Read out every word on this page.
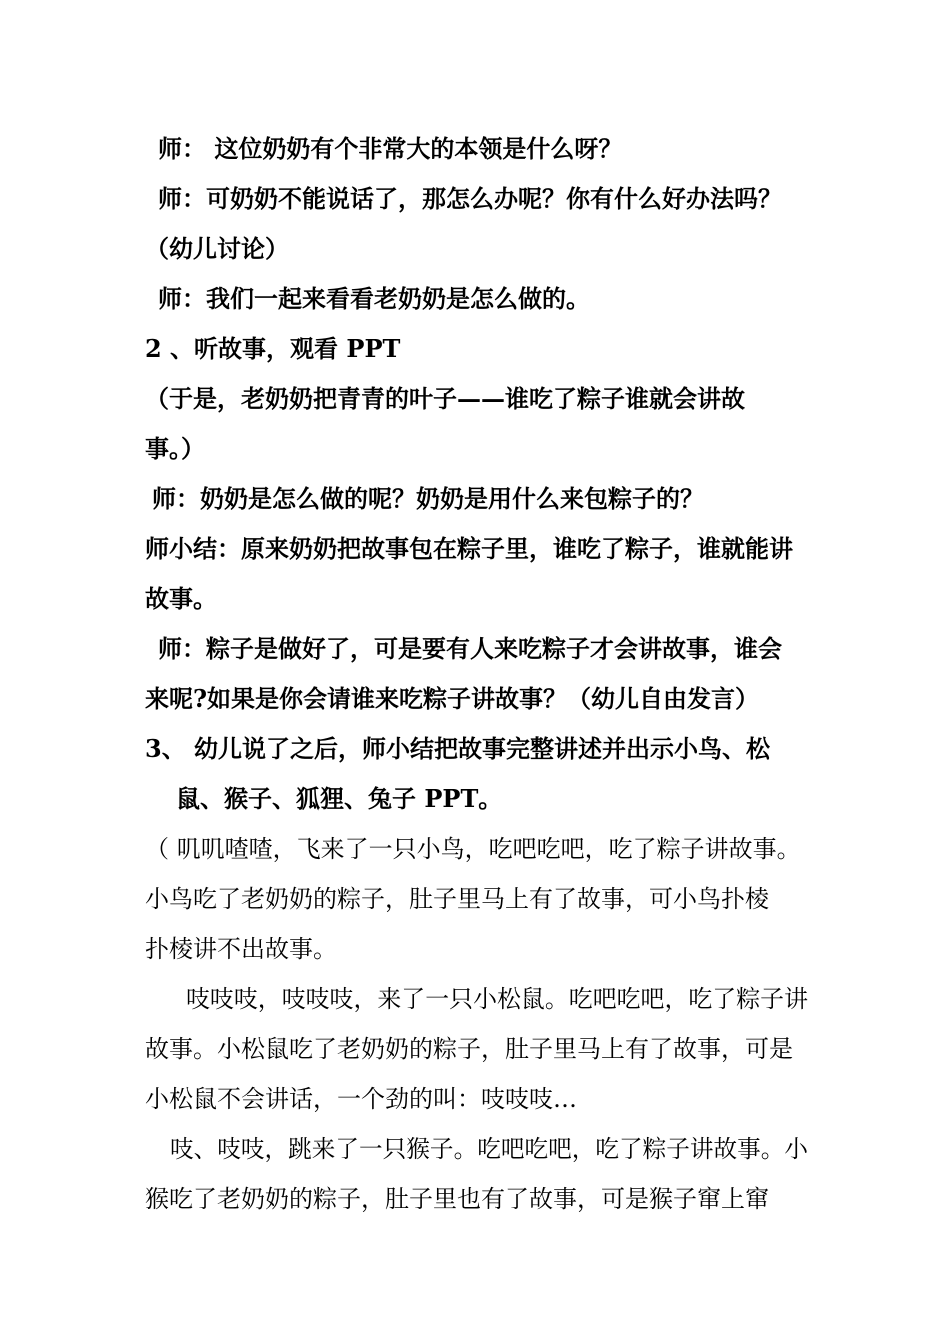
师： 这位奶奶有个非常大的本领是什么呀？
师：可奶奶不能说话了，那怎么办呢？你有什么好办法吗？
（幼儿讨论）
师：我们一起来看看老奶奶是怎么做的。
2 、听故事，观看 PPT
（于是，老奶奶把青青的叶子——谁吃了粽子谁就会讲故
事。）
师：奶奶是怎么做的呢？奶奶是用什么来包粽子的？
师小结：原来奶奶把故事包在粽子里，谁吃了粽子，谁就能讲
故事。
师：粽子是做好了，可是要有人来吃粽子才会讲故事，谁会
来呢?如果是你会请谁来吃粽子讲故事？（幼儿自由发言）
3、 幼儿说了之后，师小结把故事完整讲述并出示小鸟、松
鼠、猴子、狐狸、兔子 PPT。
（ 叽叽喳喳，飞来了一只小鸟，吃吧吃吧，吃了粽子讲故事。
小鸟吃了老奶奶的粽子，肚子里马上有了故事，可小鸟扑棱
扑棱讲不出故事。
吱吱吱，吱吱吱，来了一只小松鼠。吃吧吃吧，吃了粽子讲
故事。小松鼠吃了老奶奶的粽子，肚子里马上有了故事，可是
小松鼠不会讲话，一个劲的叫：吱吱吱…
吱、吱吱，跳来了一只猴子。吃吧吃吧，吃了粽子讲故事。小
猴吃了老奶奶的粽子，肚子里也有了故事，可是猴子窜上窜
